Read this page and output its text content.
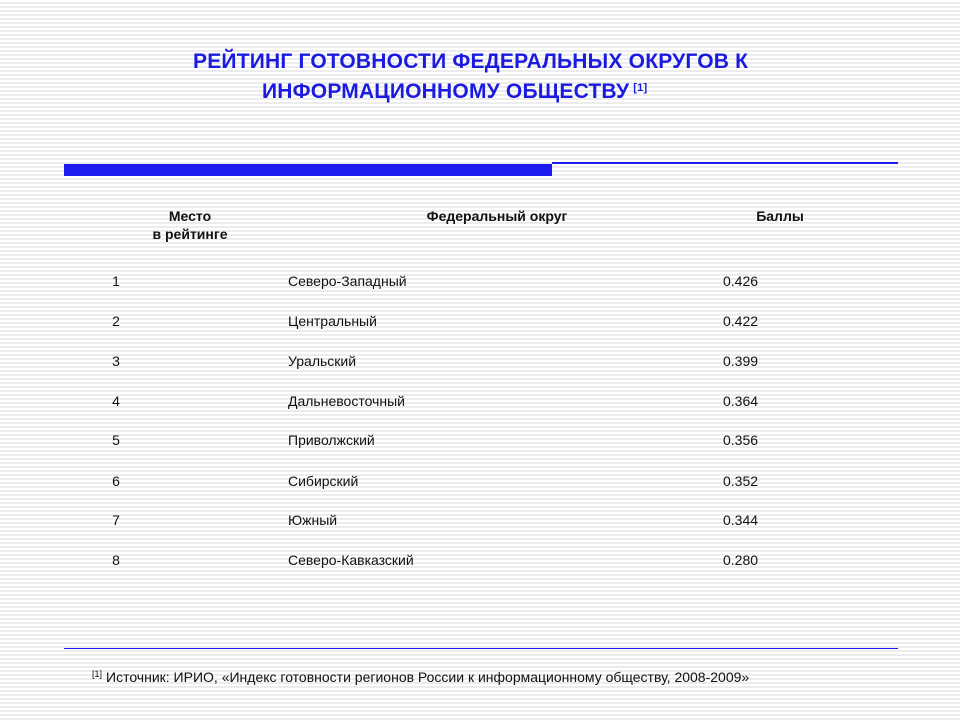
РЕЙТИНГ ГОТОВНОСТИ ФЕДЕРАЛЬНЫХ ОКРУГОВ К
ИНФОРМАЦИОННОМУ ОБЩЕСТВУ [1]
Место
в рейтинге
Федеральный округ	Баллы
1	Северо-Западный	0.426
2	Центральный	0.422
3	Уральский	0.399
4	Дальневосточный	0.364
5	Приволжский	0.356
6	Сибирский	0.352
7	Южный	0.344
8	Северо-Кавказский	0.280
[1] Источник: ИРИО, «Индекс готовности регионов России к информационному обществу, 2008-2009»
